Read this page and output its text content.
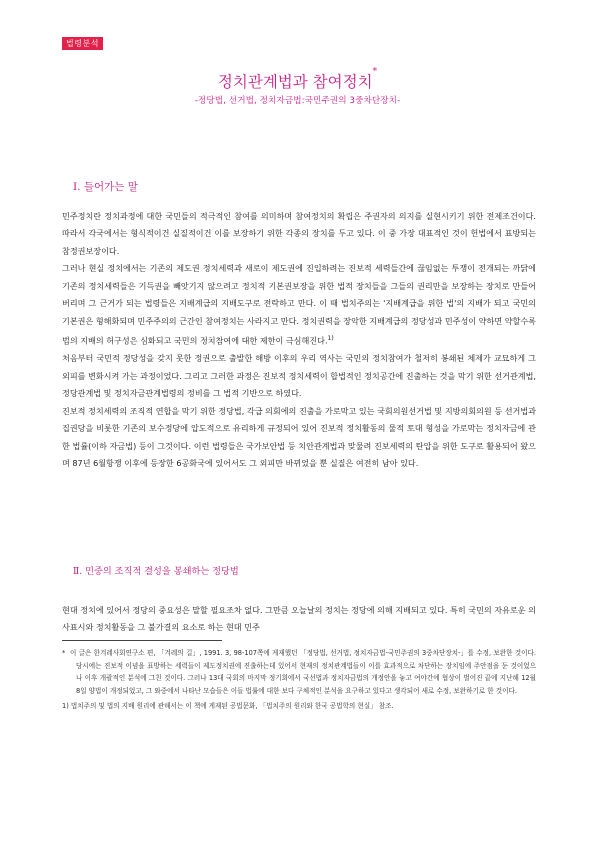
법령분석
정치관계법과 참여정치*
-정당법, 선거법, 정치자금법:국민주권의 3중차단장치-
Ⅰ. 들어가는 말

민주정치란 정치과정에 대한 국민들의 적극적인 참여를 의미하며 참여정치의 확립은 주권자의 의지를 실현시키기 위한 전제조건이다. 따라서 각국에서는 형식적이건 실질적이건 이를 보장하기 위한 각종의 장치를 두고 있다. 이 중 가장 대표적인 것이 헌법에서 표방되는 참정권보장이다.

그러나 현실 정치에서는 기존의 제도권 정치세력과 새로이 제도권에 진입하려는 진보적 세력들간에 끊임없는 투쟁이 전개되는 까닭에 기존의 정치세력들은 기득권을 빼앗기지 않으려고 정치적 기본권보장을 위한 법적 장치들을 그들의 권리만을 보장하는 장치로 만들어 버리며 그 근거가 되는 법령들은 지배계급의 지배도구로 전락하고 만다. 이 때 법치주의는 '지배계급을 위한 법'의 지배가 되고 국민의 기본권은 형해화되며 민주주의의 근간인 참여정치는 사라지고 만다. 정치권력을 장악한 지배계급의 정당성과 민주성이 약하면 약할수록 법의 지배의 허구성은 심화되고 국민의 정치참여에 대한 제한이 극심해진다.$^{1)}$

처음부터 국민적 정당성을 갖지 못한 정권으로 출발한 해방 이후의 우리 역사는 국민의 정치참여가 철저히 봉쇄된 체제가 교묘하게 그 외피를 변화시켜 가는 과정이었다. 그리고 그러한 과정은 진보적 정치세력이 합법적인 정치공간에 진출하는 것을 막기 위한 선거관계법, 정당관계법 및 정치자금관계법령의 정비를 그 법적 기반으로 하였다.

진보적 정치세력의 조직적 연합을 막기 위한 정당법, 각급 의회에의 진출을 가로막고 있는 국회의원선거법 및 지방의회의원 등 선거법과 집권당을 비롯한 기존의 보수정당에 압도적으로 유리하게 규정되어 있어 진보적 정치활동의 물적 토대 형성을 가로막는 정치자금에 관한 법률(이하 자금법) 등이 그것이다. 이런 법령들은 국가보안법 등 치안관계법과 맞물려 진보세력의 탄압을 위한 도구로 활용되어 왔으며 87년 6월항쟁 이후에 등장한 6공화국에 있어서도 그 외피만 바뀌었을 뿐 실질은 여전히 남아 있다.

Ⅱ. 민중의 조직적 결성을 봉쇄하는 정당법

현대 정치에 있어서 정당의 중요성은 말할 필요조차 없다. 그만큼 오늘날의 정치는 정당에 의해 지배되고 있다. 특히 국민의 자유로운 의사표시와 정치활동을 그 불가결의 요소로 하는 현대 민주

* 이 글은 한겨레사회연구소 편, 「겨레의 길」, 1991. 3, 98-107쪽에 게재했던 「정당법, 선거법, 정치자금법-국민주권의 3중차단장치-」를 수정, 보완한 것이다. 당시에는 진보적 이념을 표방하는 세력들이 제도정치권에 진출하는데 있어서 현재의 정치관계법들이 이를 효과적으로 차단하는 장치임에 주안점을 둔 것이었으나 이후 개괄적인 분석에 그친 것이다. 그러나 13대 국회의 마지막 정기회에서 국선법과 정치자금법의 개정안을 놓고 여야간에 협상이 벌어진 끝에 지난해 12월 8일 양법이 개정되었고, 그 와중에서 나타난 모습들은 이들 법률에 대한 보다 구체적인 분석을 요구하고 있다고 생각되어 새로 수정, 보완하기로 한 것이다.

1) 법치주의 및 법의 지배 원리에 관해서는 이 책에 게재된 공법문화, 「법치주의 원리와 한국 공법학의 현실」 참조.
